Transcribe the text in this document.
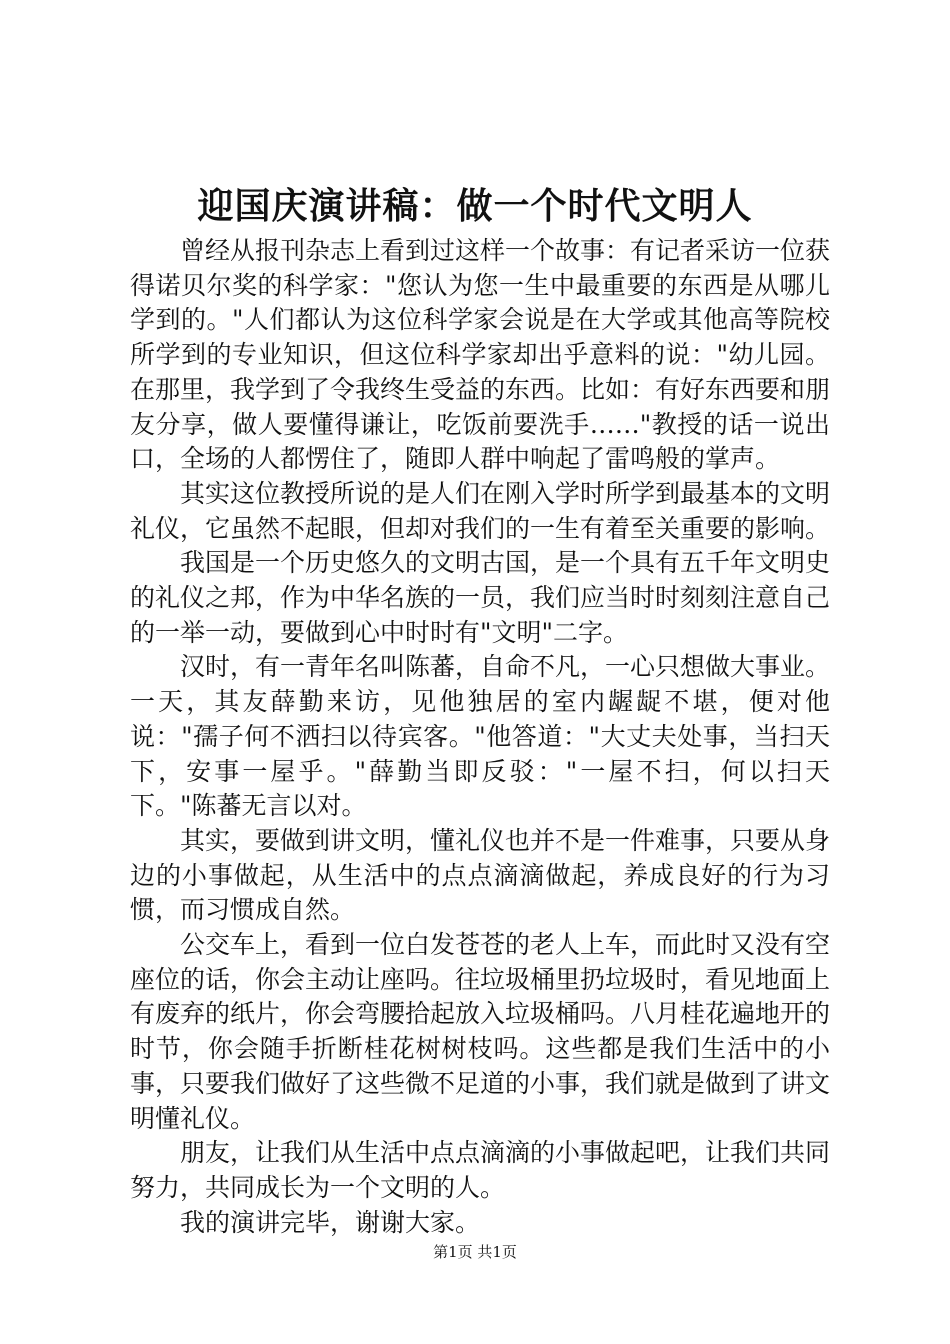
迎国庆演讲稿：做一个时代文明人

曾经从报刊杂志上看到过这样一个故事：有记者采访一位获得诺贝尔奖的科学家："您认为您一生中最重要的东西是从哪儿学到的。"人们都认为这位科学家会说是在大学或其他高等院校所学到的专业知识，但这位科学家却出乎意料的说："幼儿园。在那里，我学到了令我终生受益的东西。比如：有好东西要和朋友分享，做人要懂得谦让，吃饭前要洗手……"教授的话一说出口，全场的人都愣住了，随即人群中响起了雷鸣般的掌声。

其实这位教授所说的是人们在刚入学时所学到最基本的文明礼仪，它虽然不起眼，但却对我们的一生有着至关重要的影响。

我国是一个历史悠久的文明古国，是一个具有五千年文明史的礼仪之邦，作为中华名族的一员，我们应当时时刻刻注意自己的一举一动，要做到心中时时有"文明"二字。

汉时，有一青年名叫陈蕃，自命不凡，一心只想做大事业。一天，其友薛勤来访，见他独居的室内龌龊不堪，便对他说："孺子何不洒扫以待宾客。"他答道："大丈夫处事，当扫天下，安事一屋乎。"薛勤当即反驳："一屋不扫，何以扫天下。"陈蕃无言以对。

其实，要做到讲文明，懂礼仪也并不是一件难事，只要从身边的小事做起，从生活中的点点滴滴做起，养成良好的行为习惯，而习惯成自然。

公交车上，看到一位白发苍苍的老人上车，而此时又没有空座位的话，你会主动让座吗。往垃圾桶里扔垃圾时，看见地面上有废弃的纸片，你会弯腰拾起放入垃圾桶吗。八月桂花遍地开的时节，你会随手折断桂花树树枝吗。这些都是我们生活中的小事，只要我们做好了这些微不足道的小事，我们就是做到了讲文明懂礼仪。

朋友，让我们从生活中点点滴滴的小事做起吧，让我们共同努力，共同成长为一个文明的人。

我的演讲完毕，谢谢大家。

第1页 共1页
